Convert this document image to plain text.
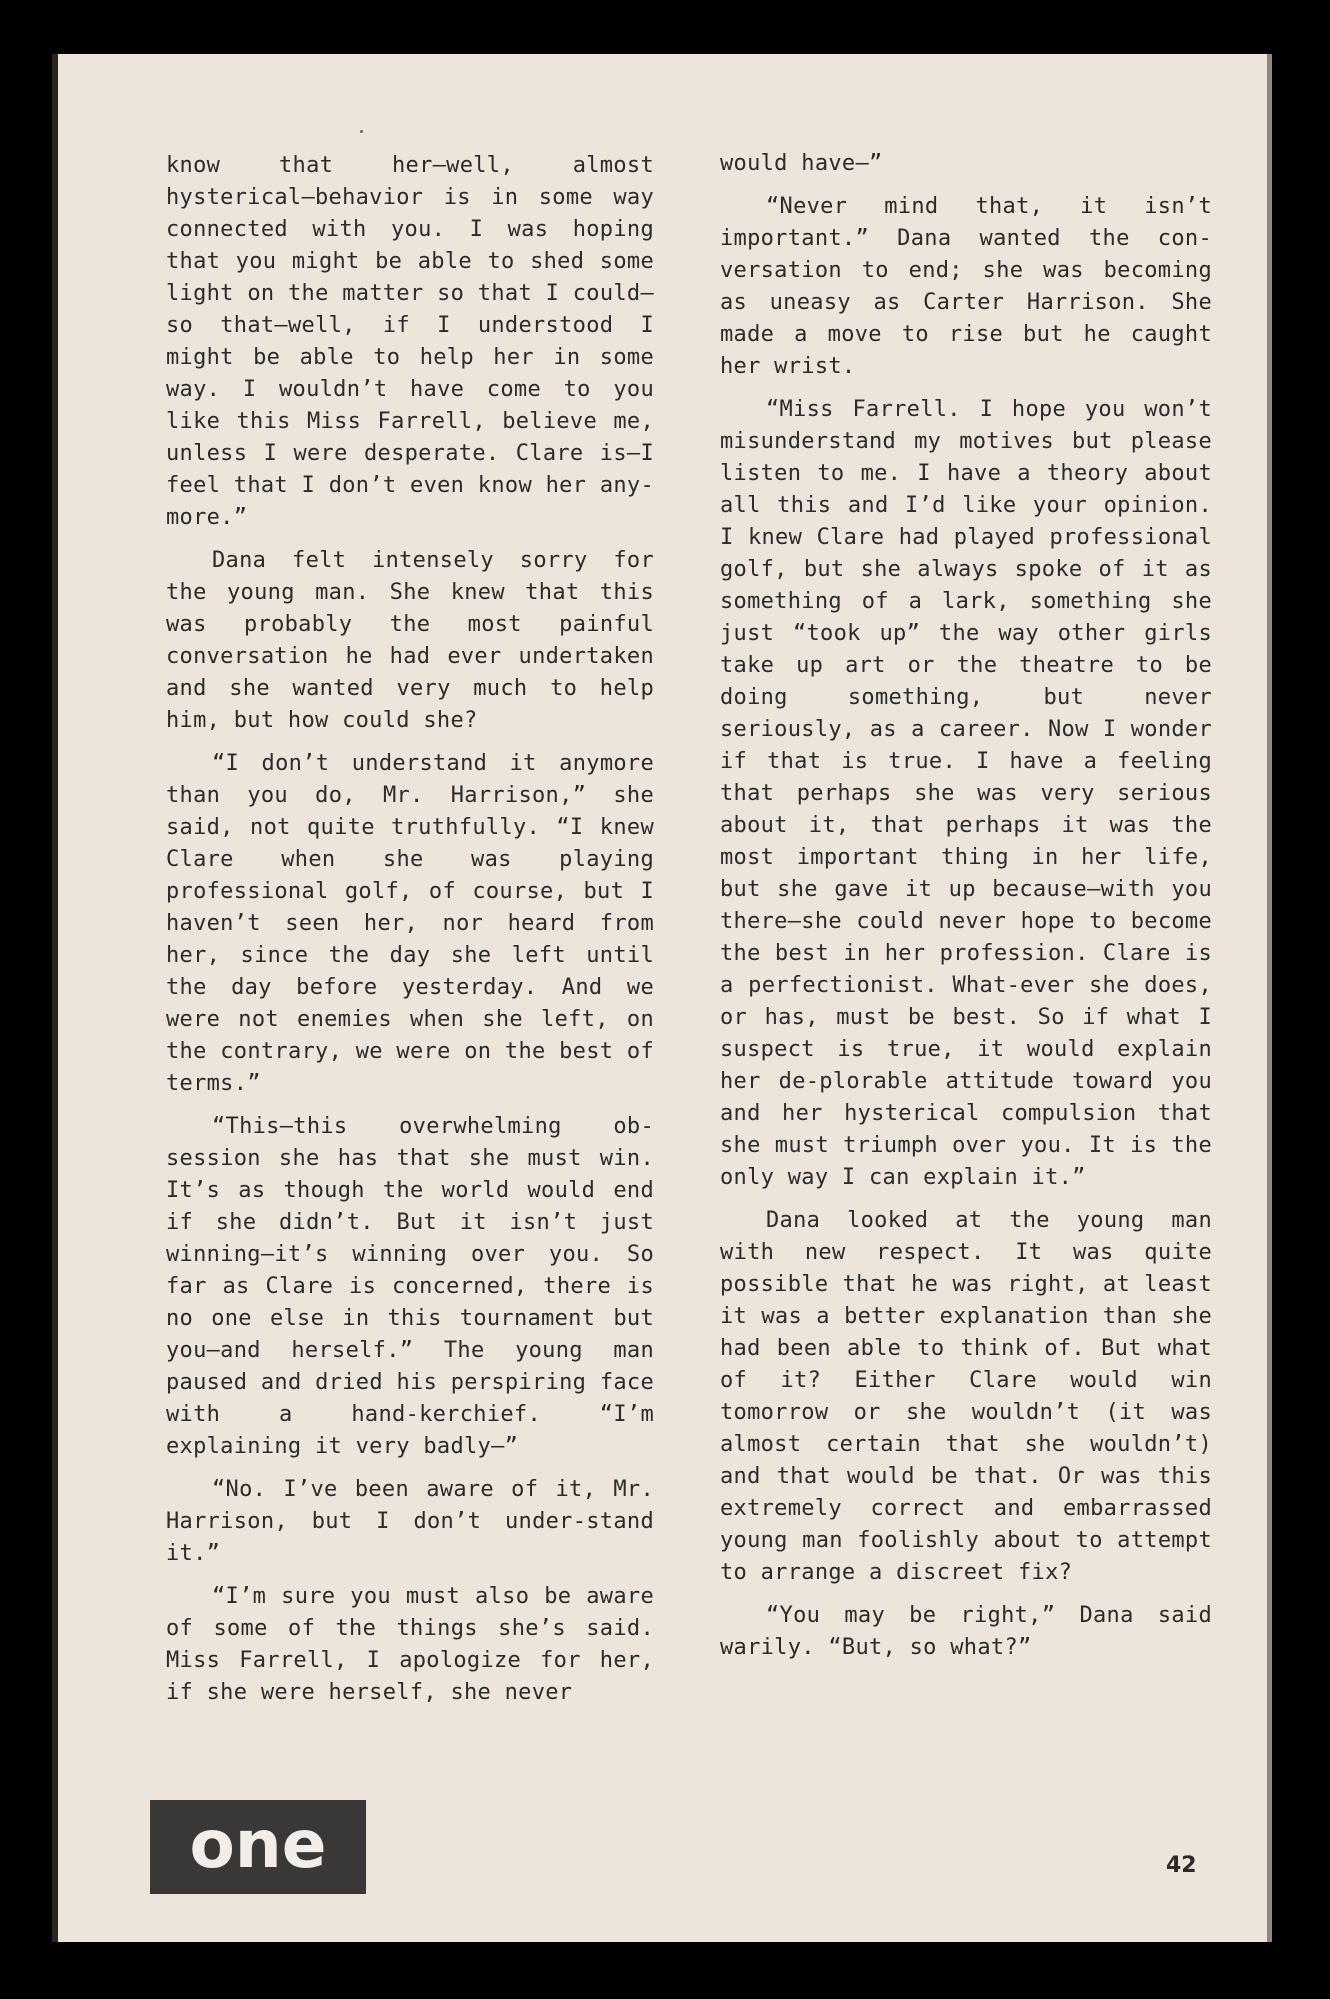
know that her—well, almost hysterical—behavior is in some way connected with you. I was hoping that you might be able to shed some light on the matter so that I could—so that—well, if I understood I might be able to help her in some way. I wouldn’t have come to you like this Miss Farrell, believe me, unless I were desperate. Clare is—I feel that I don’t even know her any-more.”

Dana felt intensely sorry for the young man. She knew that this was probably the most painful conversation he had ever undertaken and she wanted very much to help him, but how could she?

“I don’t understand it anymore than you do, Mr. Harrison,” she said, not quite truthfully. “I knew Clare when she was playing professional golf, of course, but I haven’t seen her, nor heard from her, since the day she left until the day before yesterday. And we were not enemies when she left, on the contrary, we were on the best of terms.”

“This—this overwhelming ob-session she has that she must win. It’s as though the world would end if she didn’t. But it isn’t just winning—it’s winning over you. So far as Clare is concerned, there is no one else in this tournament but you—and herself.” The young man paused and dried his perspiring face with a hand-kerchief. “I’m explaining it very badly—”

“No. I’ve been aware of it, Mr. Harrison, but I don’t under-stand it.”

“I’m sure you must also be aware of some of the things she’s said. Miss Farrell, I apologize for her, if she were herself, she never

would have—”

“Never mind that, it isn’t important.” Dana wanted the con-versation to end; she was becoming as uneasy as Carter Harrison. She made a move to rise but he caught her wrist.

“Miss Farrell. I hope you won’t misunderstand my motives but please listen to me. I have a theory about all this and I’d like your opinion. I knew Clare had played professional golf, but she always spoke of it as something of a lark, something she just “took up” the way other girls take up art or the theatre to be doing something, but never seriously, as a career. Now I wonder if that is true. I have a feeling that perhaps she was very serious about it, that perhaps it was the most important thing in her life, but she gave it up because—with you there—she could never hope to become the best in her profession. Clare is a perfectionist. What-ever she does, or has, must be best. So if what I suspect is true, it would explain her de-plorable attitude toward you and her hysterical compulsion that she must triumph over you. It is the only way I can explain it.”

Dana looked at the young man with new respect. It was quite possible that he was right, at least it was a better explanation than she had been able to think of. But what of it? Either Clare would win tomorrow or she wouldn’t (it was almost certain that she wouldn’t) and that would be that. Or was this extremely correct and embarrassed young man foolishly about to attempt to arrange a discreet fix?

“You may be right,” Dana said warily. “But, so what?”

one	42
